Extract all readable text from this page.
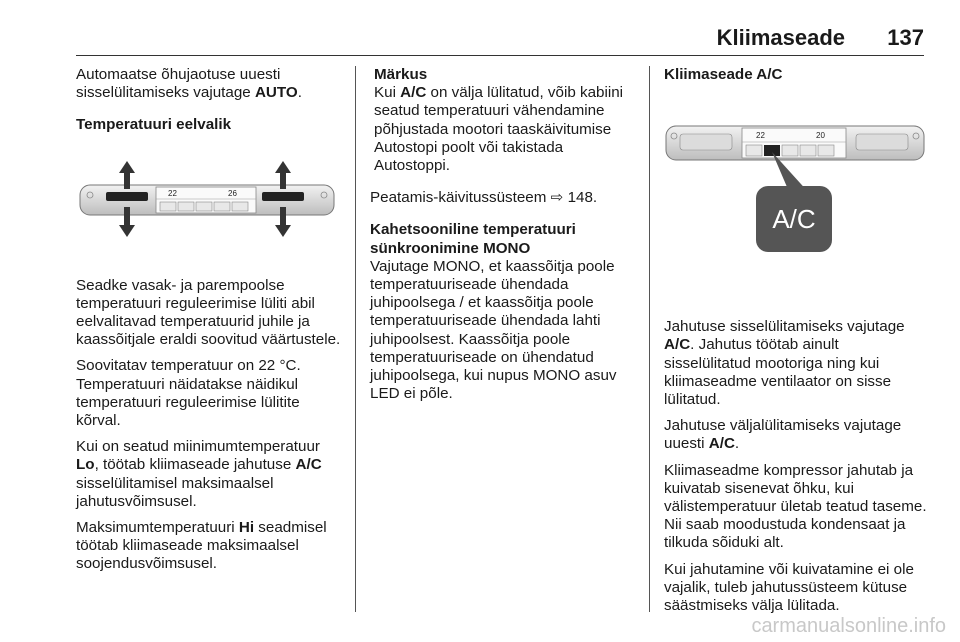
Kliimaseade 137

Automaatse õhujaotuse uuesti sisselülitamiseks vajutage AUTO.

Temperatuuri eelvalik

22	26

Seadke vasak- ja parempoolse temperatuuri reguleerimise lüliti abil eelvalitavad temperatuurid juhile ja kaassõitjale eraldi soovitud väärtustele.

Soovitatav temperatuur on 22 °C. Temperatuuri näidatakse näidikul temperatuuri reguleerimise lülitite kõrval.

Kui on seatud miinimumtemperatuur Lo, töötab kliimaseade jahutuse A/C sisselülitamisel maksimaalsel jahutusvõimsusel.

Maksimumtemperatuuri Hi seadmisel töötab kliimaseade maksimaalsel soojendusvõimsusel.

Märkus

Kui A/C on välja lülitatud, võib kabiini seatud temperatuuri vähendamine põhjustada mootori taaskäivitumise Autostopi poolt või takistada Autostoppi.

Peatamis-käivitussüsteem ⇨ 148.

Kahetsooniline temperatuuri sünkroonimine MONO

Vajutage MONO, et kaassõitja poole temperatuuriseade ühendada juhipoolsega / et kaassõitja poole temperatuuriseade ühendada lahti juhipoolsest. Kaassõitja poole temperatuuriseade on ühendatud juhipoolsega, kui nupus MONO asuv LED ei põle.

Kliimaseade A/C

22	20
A/C

Jahutuse sisselülitamiseks vajutage A/C. Jahutus töötab ainult sisselülitatud mootoriga ning kui kliimaseadme ventilaator on sisse lülitatud.

Jahutuse väljalülitamiseks vajutage uuesti A/C.

Kliimaseadme kompressor jahutab ja kuivatab sisenevat õhku, kui välistemperatuur ületab teatud taseme. Nii saab moodustuda kondensaat ja tilkuda sõiduki alt.

Kui jahutamine või kuivatamine ei ole vajalik, tuleb jahutussüsteem kütuse säästmiseks välja lülitada.

carmanualsonline.info
